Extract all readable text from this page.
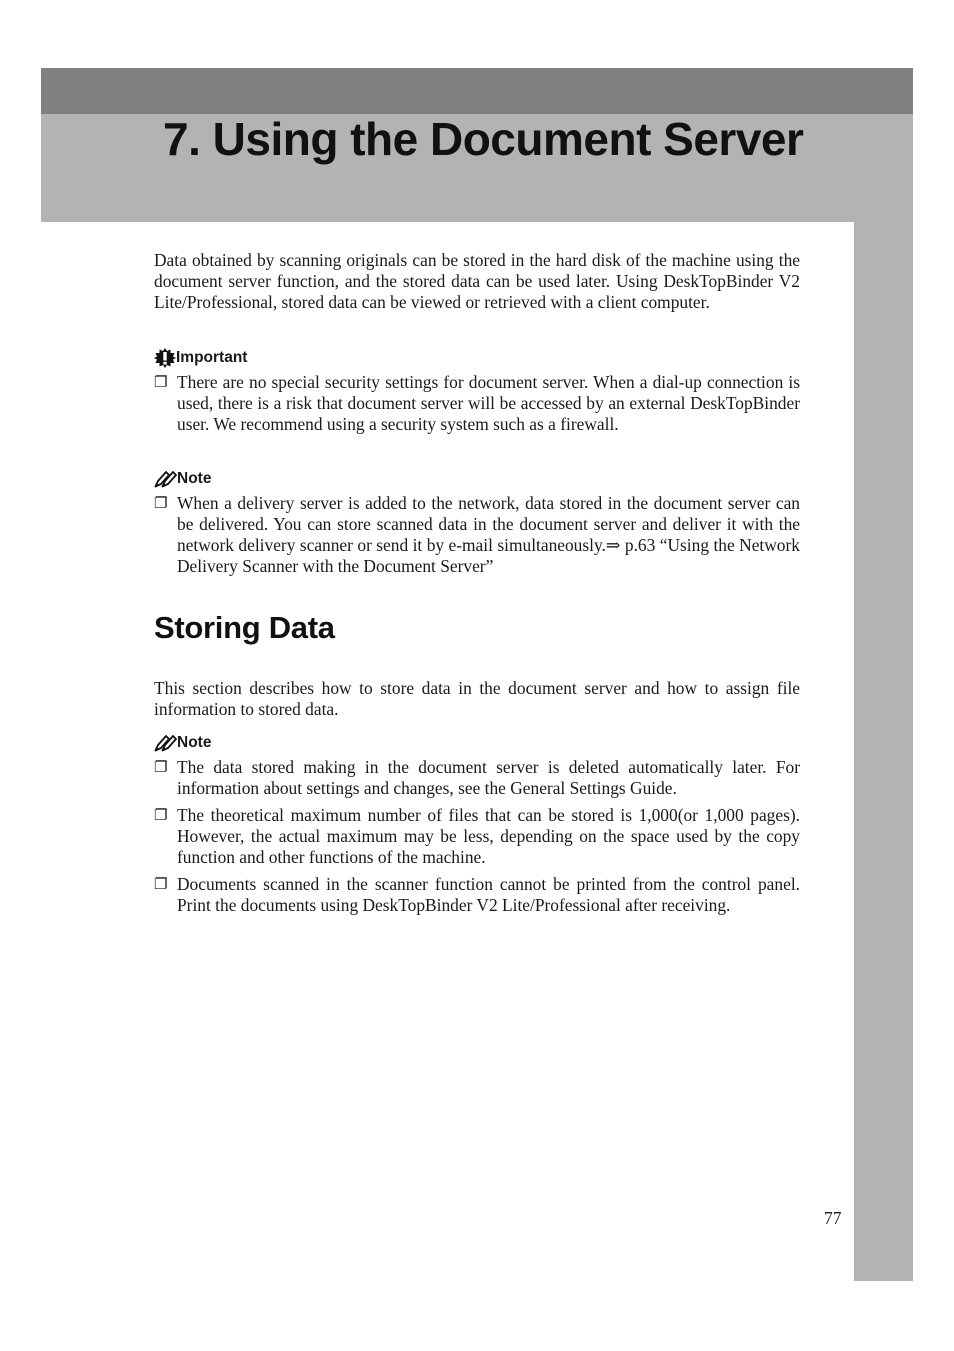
7. Using the Document Server

Data obtained by scanning originals can be stored in the hard disk of the machine using the document server function, and the stored data can be used later. Using DeskTopBinder V2 Lite/Professional, stored data can be viewed or retrieved with a client computer.

Important
❐ There are no special security settings for document server. When a dial-up connection is used, there is a risk that document server will be accessed by an external DeskTopBinder user. We recommend using a security system such as a firewall.
Note
❐ When a delivery server is added to the network, data stored in the document server can be delivered. You can store scanned data in the document server and deliver it with the network delivery scanner or send it by e-mail simultaneously.⇒ p.63 “Using the Network Delivery Scanner with the Document Server”
Storing Data

This section describes how to store data in the document server and how to assign file information to stored data.

Note
❐ The data stored making in the document server is deleted automatically later. For information about settings and changes, see the General Settings Guide.
❐ The theoretical maximum number of files that can be stored is 1,000(or 1,000 pages). However, the actual maximum may be less, depending on the space used by the copy function and other functions of the machine.
❐ Documents scanned in the scanner function cannot be printed from the control panel. Print the documents using DeskTopBinder V2 Lite/Professional after receiving.
77
